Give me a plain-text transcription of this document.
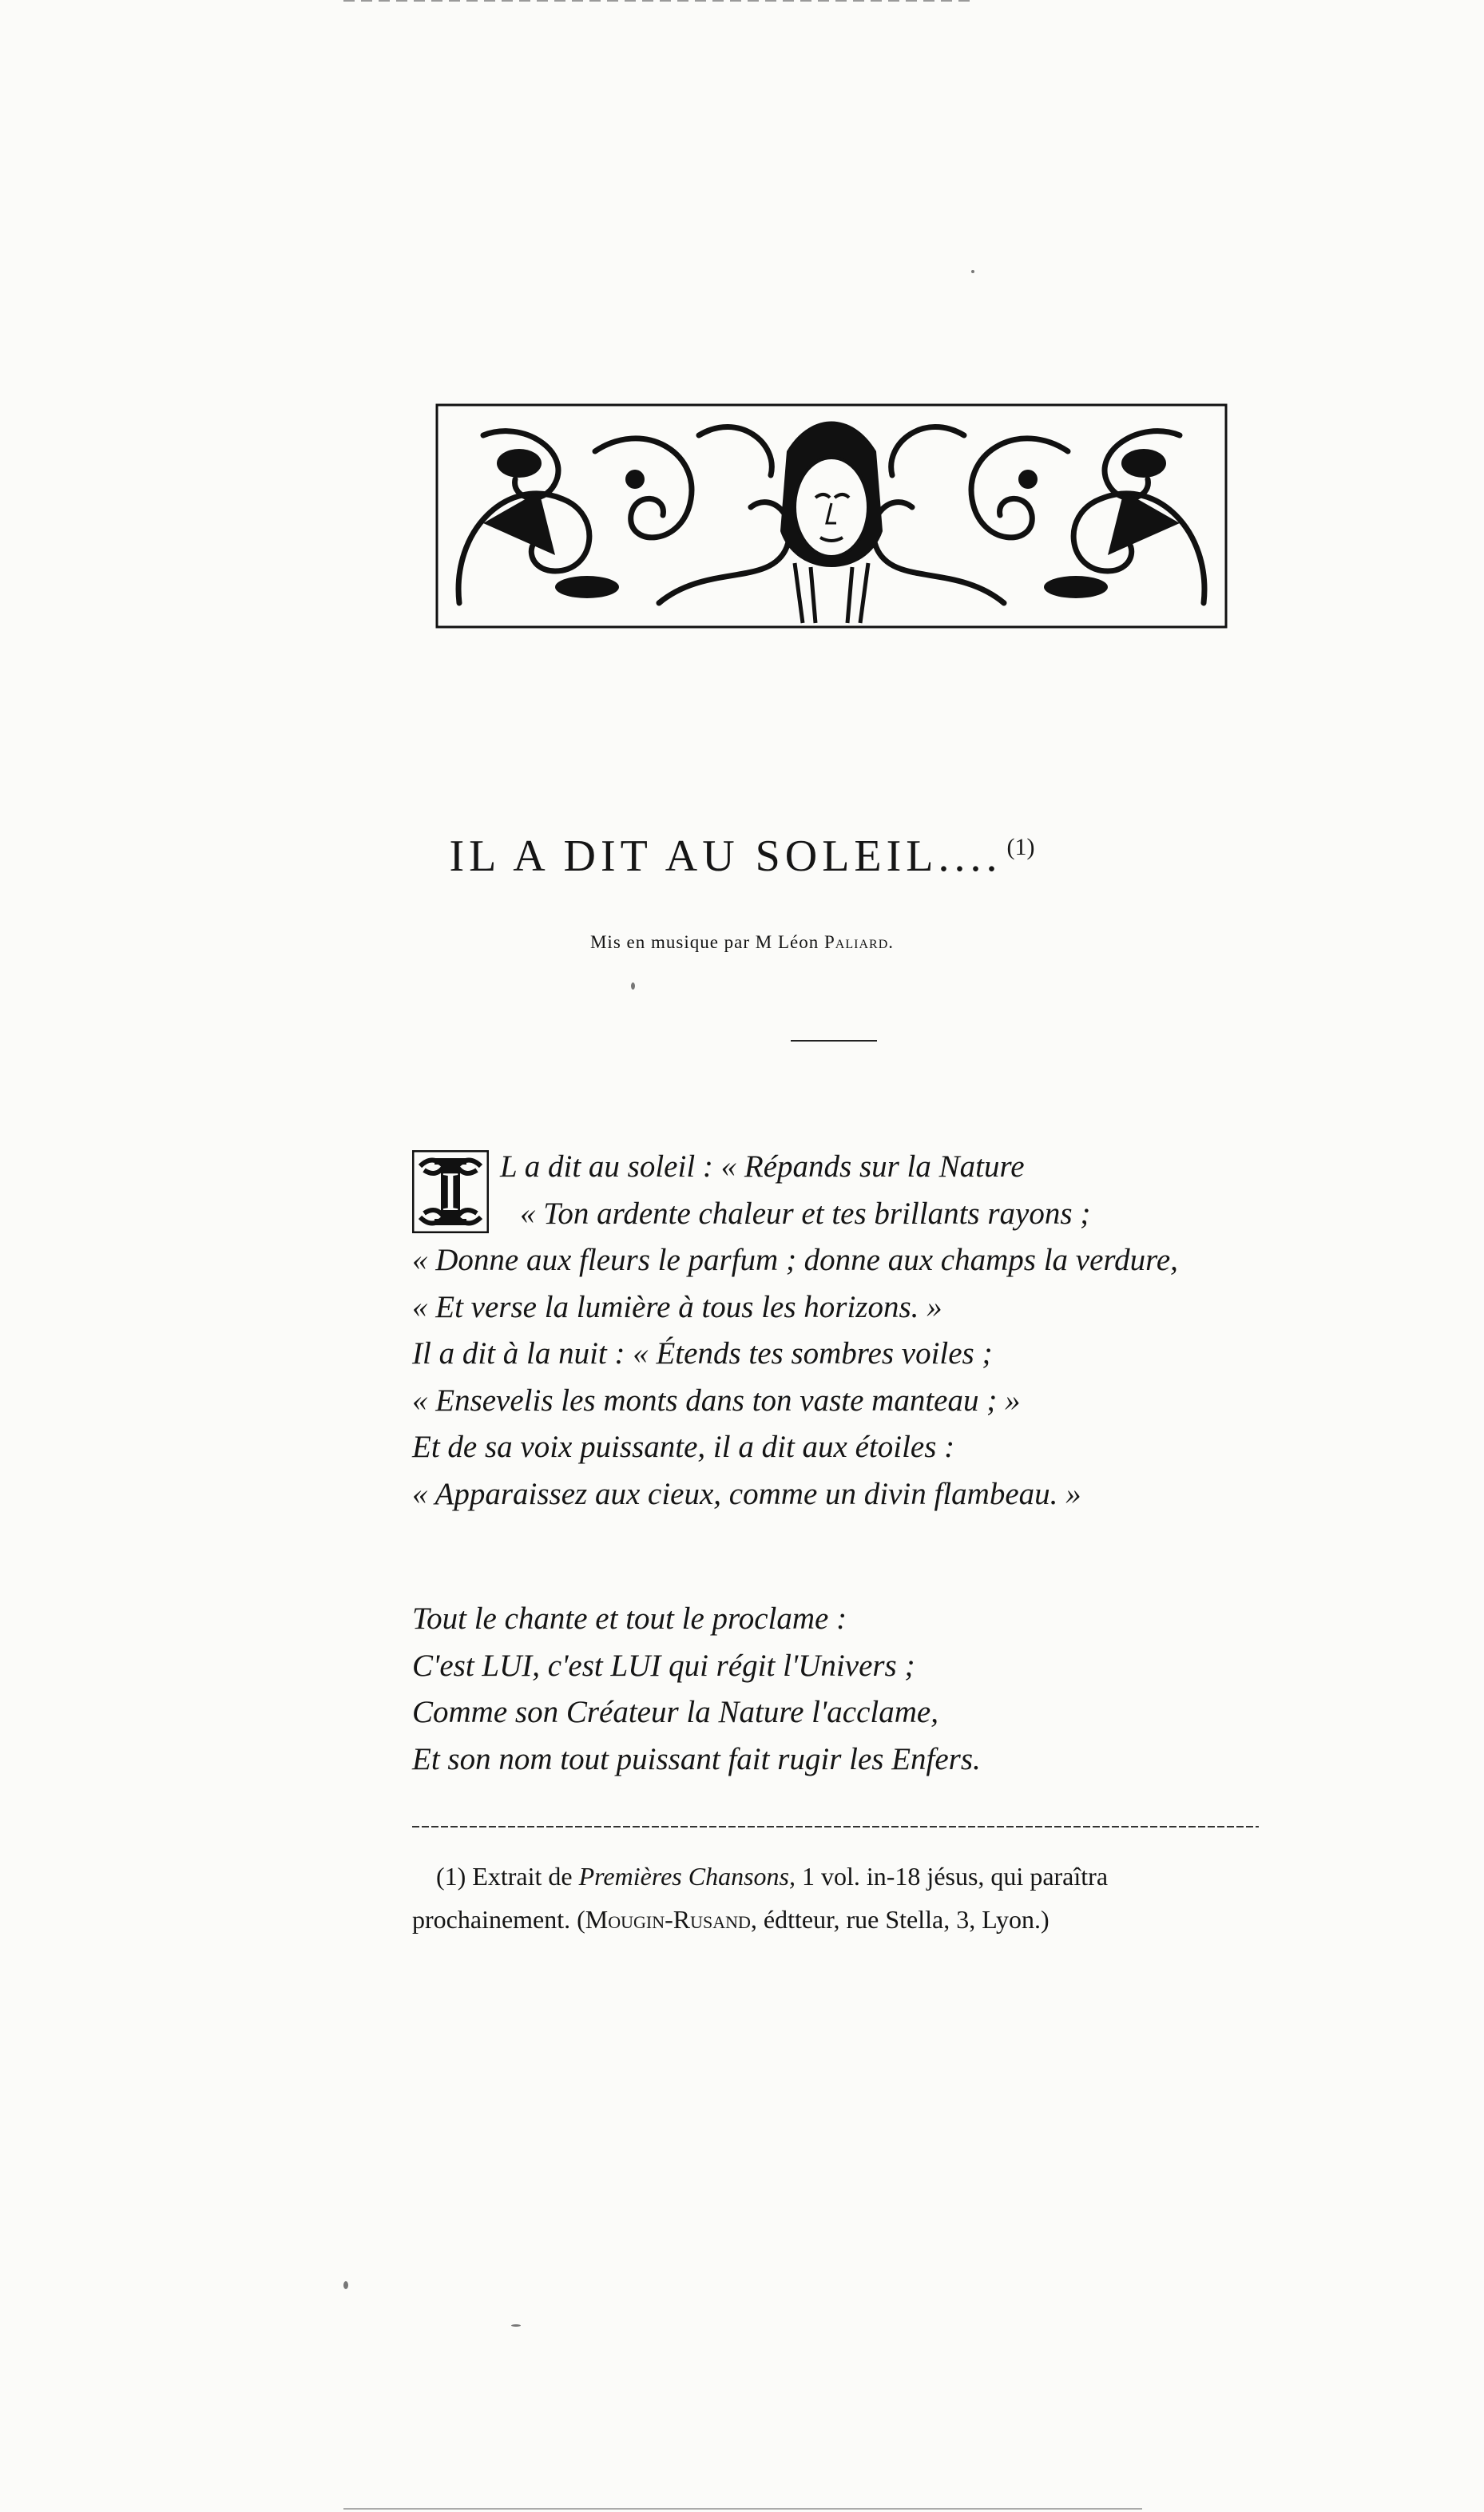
IL A DIT AU SOLEIL.... $^{(1)}$
Mis en musique par M Léon Paliard.
I	L a dit au soleil : « Répands sur la Nature
« Ton ardente chaleur et tes brillants rayons ;
« Donne aux fleurs le parfum ; donne aux champs la verdure,
« Et verse la lumière à tous les horizons. »
Il a dit à la nuit : « Étends tes sombres voiles ;
« Ensevelis les monts dans ton vaste manteau ; »
Et de sa voix puissante, il a dit aux étoiles :
« Apparaissez aux cieux, comme un divin flambeau. »
Tout le chante et tout le proclame :
C'est LUI, c'est LUI qui régit l'Univers ;
Comme son Créateur la Nature l'acclame,
Et son nom tout puissant fait rugir les Enfers.
(1) Extrait de Premières Chansons, 1 vol. in-18 jésus, qui paraîtra
prochainement. (Mougin-Rusand, édtteur, rue Stella, 3, Lyon.)
